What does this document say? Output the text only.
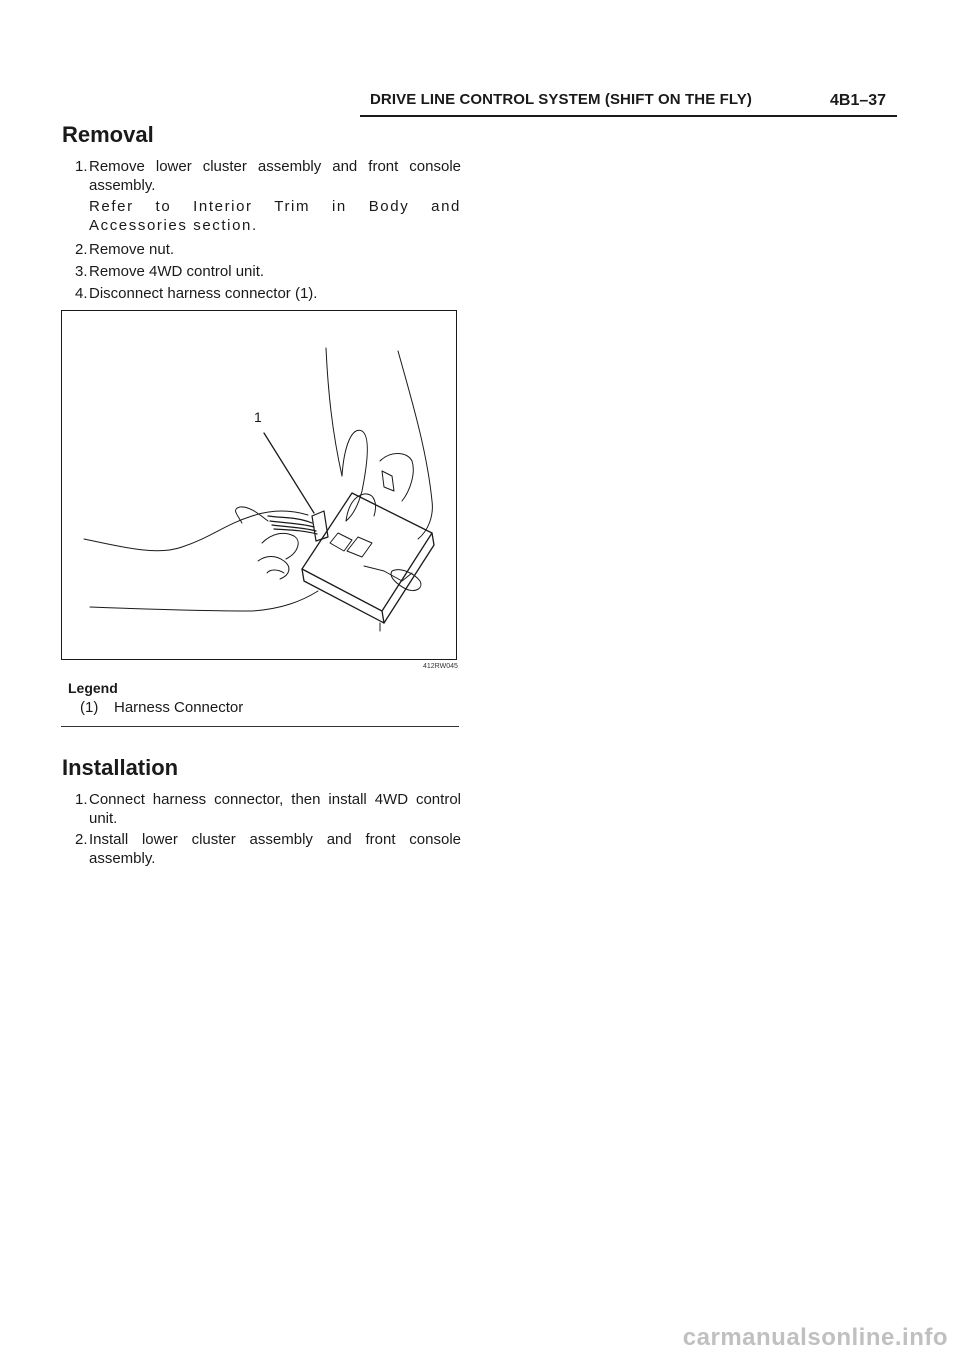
DRIVE LINE CONTROL SYSTEM (SHIFT ON THE FLY)	4B1–37
Removal
1. Remove lower cluster assembly and front console assembly.
Refer to Interior Trim in Body and Accessories section.
2. Remove nut.
3. Remove 4WD control unit.
4. Disconnect harness connector (1).
1
412RW045
Legend
(1) Harness Connector
Installation
1. Connect harness connector, then install 4WD control unit.
2. Install lower cluster assembly and front console assembly.
carmanualsonline.info
